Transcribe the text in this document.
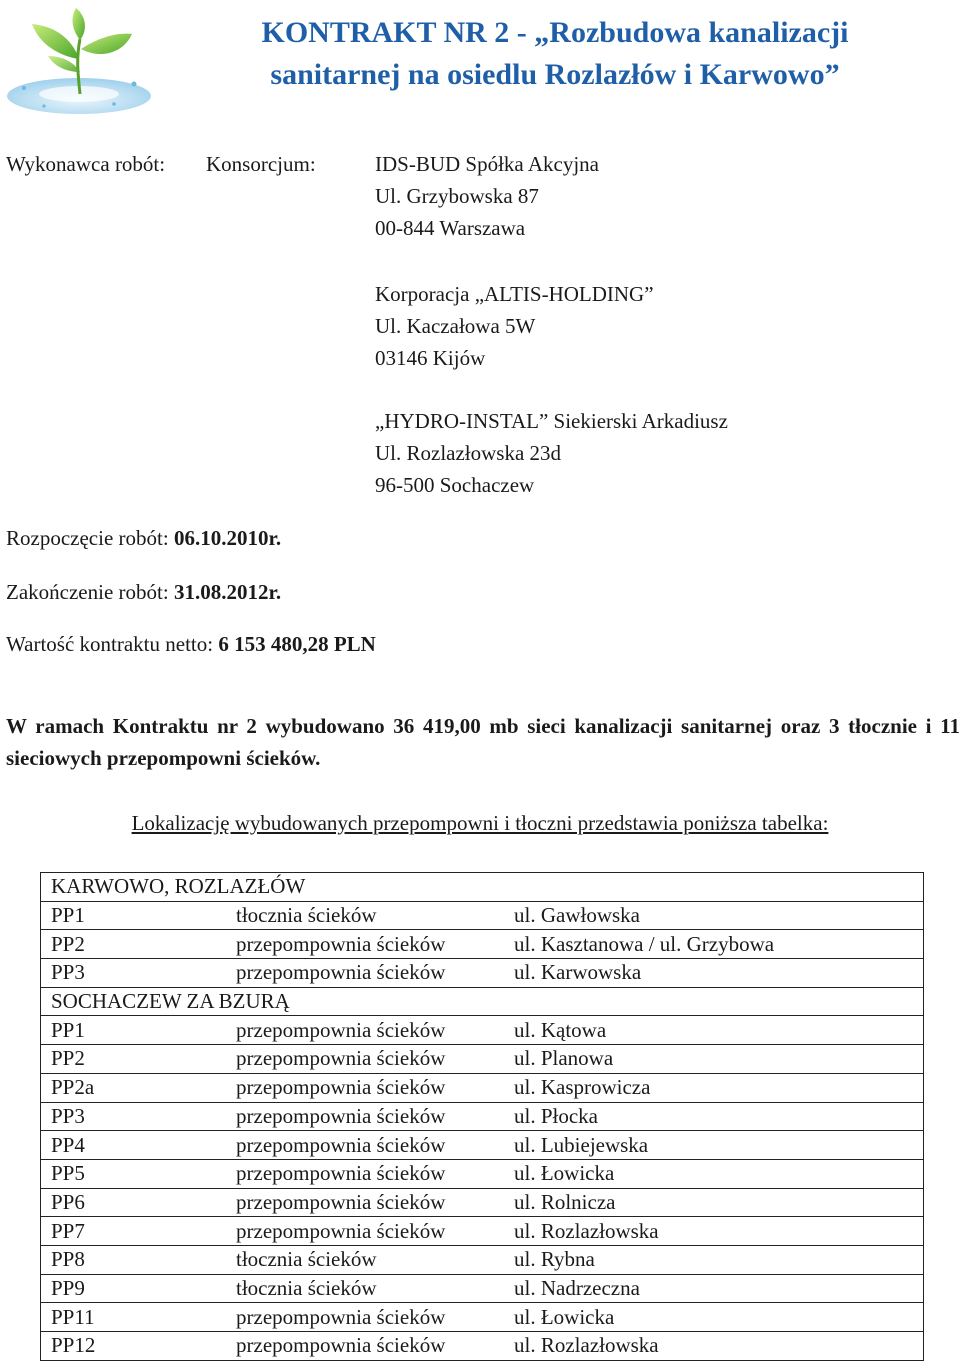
KONTRAKT NR 2 - „Rozbudowa kanalizacji
sanitarnej na osiedlu Rozlazłów i Karwowo”
Wykonawca robót: Konsorcjum:	IDS-BUD Spółka Akcyjna
Ul. Grzybowska 87
00-844 Warszawa
Korporacja „ALTIS-HOLDING”
Ul. Kaczałowa 5W
03146 Kijów
„HYDRO-INSTAL” Siekierski Arkadiusz
Ul. Rozlazłowska 23d
96-500 Sochaczew
Rozpoczęcie robót: 06.10.2010r.
Zakończenie robót: 31.08.2012r.
Wartość kontraktu netto: 6 153 480,28 PLN
W ramach Kontraktu nr 2 wybudowano 36 419,00 mb sieci kanalizacji sanitarnej oraz 3 tłocznie i 11 sieciowych przepompowni ścieków.
Lokalizację wybudowanych przepompowni i tłoczni przedstawia poniższa tabelka:
KARWOWO, ROZLAZŁÓW		
PP1	tłocznia ścieków	ul. Gawłowska
PP2	przepompownia ścieków	ul. Kasztanowa / ul. Grzybowa
PP3	przepompownia ścieków	ul. Karwowska
SOCHACZEW ZA BZURĄ		
PP1	przepompownia ścieków	ul. Kątowa
PP2	przepompownia ścieków	ul. Planowa
PP2a	przepompownia ścieków	ul. Kasprowicza
PP3	przepompownia ścieków	ul. Płocka
PP4	przepompownia ścieków	ul. Lubiejewska
PP5	przepompownia ścieków	ul. Łowicka
PP6	przepompownia ścieków	ul. Rolnicza
PP7	przepompownia ścieków	ul. Rozlazłowska
PP8	tłocznia ścieków	ul. Rybna
PP9	tłocznia ścieków	ul. Nadrzeczna
PP11	przepompownia ścieków	ul. Łowicka
PP12	przepompownia ścieków	ul. Rozlazłowska
